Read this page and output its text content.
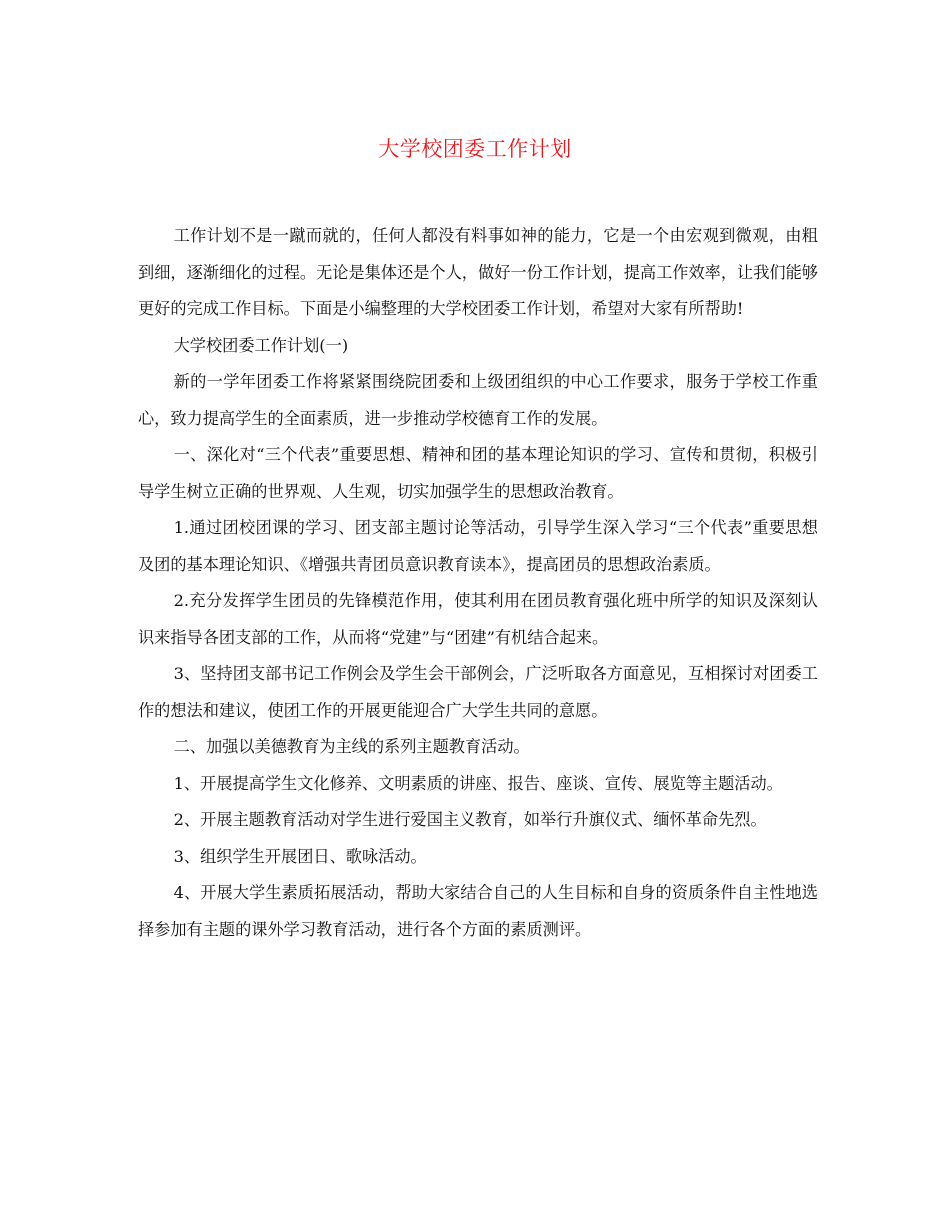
大学校团委工作计划

工作计划不是一蹴而就的，任何人都没有料事如神的能力，它是一个由宏观到微观，由粗到细，逐渐细化的过程。无论是集体还是个人，做好一份工作计划，提高工作效率，让我们能够更好的完成工作目标。下面是小编整理的大学校团委工作计划，希望对大家有所帮助!

大学校团委工作计划(一)

新的一学年团委工作将紧紧围绕院团委和上级团组织的中心工作要求，服务于学校工作重心，致力提高学生的全面素质，进一步推动学校德育工作的发展。

一、深化对“三个代表”重要思想、精神和团的基本理论知识的学习、宣传和贯彻，积极引导学生树立正确的世界观、人生观，切实加强学生的思想政治教育。

1.通过团校团课的学习、团支部主题讨论等活动，引导学生深入学习“三个代表”重要思想及团的基本理论知识、《增强共青团员意识教育读本》，提高团员的思想政治素质。

2.充分发挥学生团员的先锋模范作用，使其利用在团员教育强化班中所学的知识及深刻认识来指导各团支部的工作，从而将“党建”与“团建”有机结合起来。

3、坚持团支部书记工作例会及学生会干部例会，广泛听取各方面意见，互相探讨对团委工作的想法和建议，使团工作的开展更能迎合广大学生共同的意愿。

二、加强以美德教育为主线的系列主题教育活动。

1、开展提高学生文化修养、文明素质的讲座、报告、座谈、宣传、展览等主题活动。

2、开展主题教育活动对学生进行爱国主义教育，如举行升旗仪式、缅怀革命先烈。

3、组织学生开展团日、歌咏活动。

4、开展大学生素质拓展活动，帮助大家结合自己的人生目标和自身的资质条件自主性地选择参加有主题的课外学习教育活动，进行各个方面的素质测评。
